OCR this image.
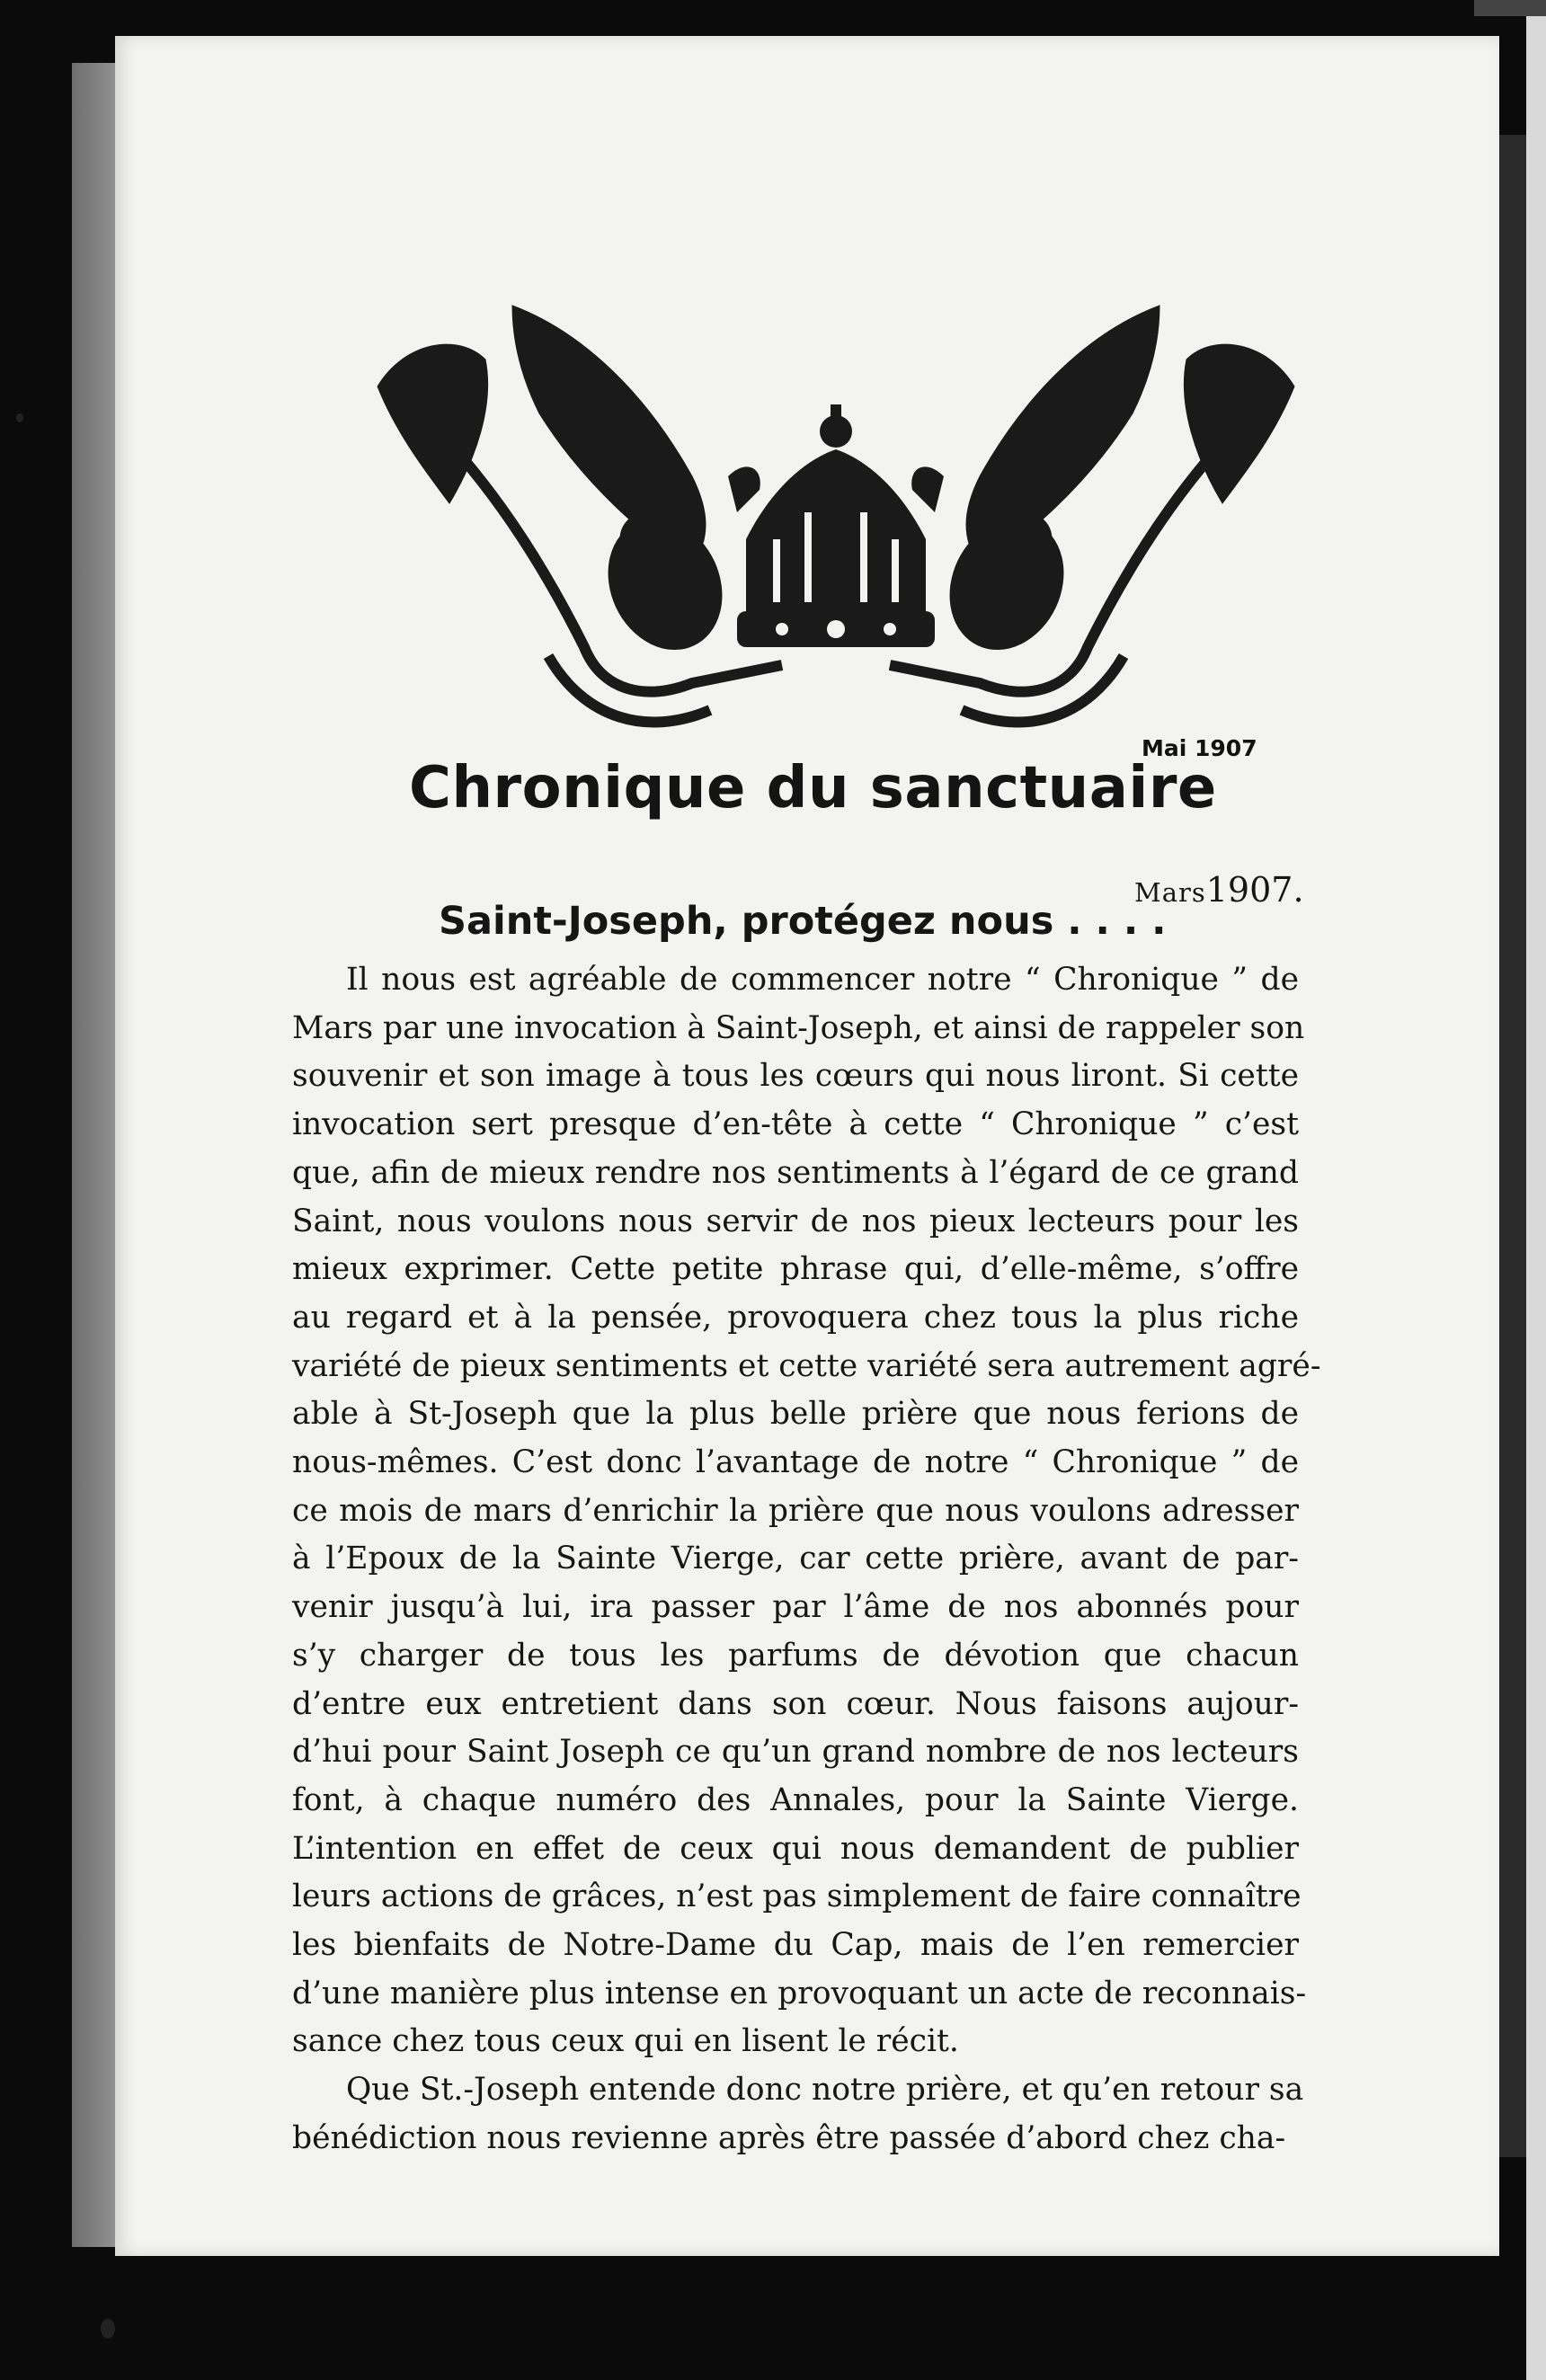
Mai 1907
Chronique du sanctuaire
Mars1907.
Saint-Joseph, protégez nous . . . .
Il nous est agréable de commencer notre “ Chronique ” de
Mars par une invocation à Saint-Joseph, et ainsi de rappeler son
souvenir et son image à tous les cœurs qui nous liront. Si cette
invocation sert presque d’en-tête à cette “ Chronique ” c’est
que, afin de mieux rendre nos sentiments à l’égard de ce grand
Saint, nous voulons nous servir de nos pieux lecteurs pour les
mieux exprimer. Cette petite phrase qui, d’elle-même, s’offre
au regard et à la pensée, provoquera chez tous la plus riche
variété de pieux sentiments et cette variété sera autrement agré-
able à St-Joseph que la plus belle prière que nous ferions de
nous-mêmes. C’est donc l’avantage de notre “ Chronique ” de
ce mois de mars d’enrichir la prière que nous voulons adresser
à l’Epoux de la Sainte Vierge, car cette prière, avant de par-
venir jusqu’à lui, ira passer par l’âme de nos abonnés pour
s’y charger de tous les parfums de dévotion que chacun
d’entre eux entretient dans son cœur. Nous faisons aujour-
d’hui pour Saint Joseph ce qu’un grand nombre de nos lecteurs
font, à chaque numéro des Annales, pour la Sainte Vierge.
L’intention en effet de ceux qui nous demandent de publier
leurs actions de grâces, n’est pas simplement de faire connaître
les bienfaits de Notre-Dame du Cap, mais de l’en remercier
d’une manière plus intense en provoquant un acte de reconnais-
sance chez tous ceux qui en lisent le récit.
Que St.-Joseph entende donc notre prière, et qu’en retour sa
bénédiction nous revienne après être passée d’abord chez cha-
